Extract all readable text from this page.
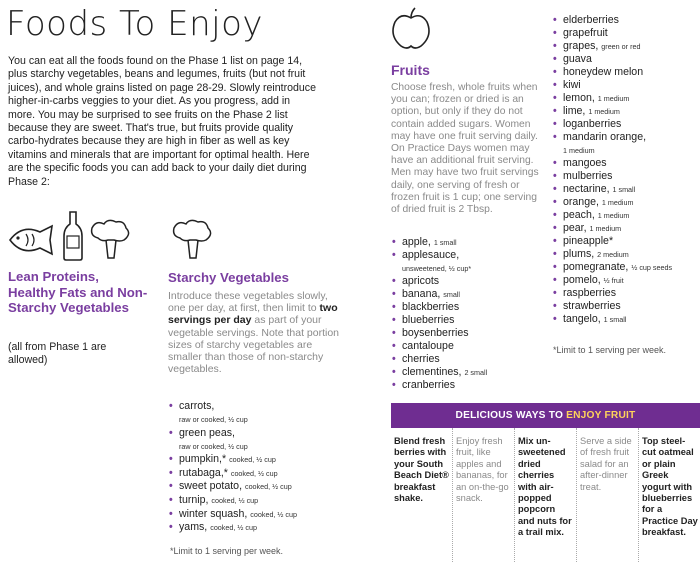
Foods To Enjoy
You can eat all the foods found on the Phase 1 list on page 14, plus starchy vegetables, beans and legumes, fruits (but not fruit juices), and whole grains listed on page 28-29. Slowly reintroduce higher-in-carbs veggies to your diet. As you progress, add in more. You may be surprised to see fruits on the Phase 2 list because they are sweet. That's true, but fruits provide quality carbo-hydrates because they are high in fiber as well as key vitamins and minerals that are important for optimal health. Here are the specific foods you can add back to your daily diet during Phase 2:
Lean Proteins, Healthy Fats and Non-Starchy Vegetables
(all from Phase 1 are allowed)
Starchy Vegetables
Introduce these vegetables slowly, one per day, at first, then limit to two servings per day as part of your vegetable servings. Note that portion sizes of starchy vegetables are smaller than those of non-starchy vegetables.
• carrots,
raw or cooked, ½ cup
• green peas,
raw or cooked, ½ cup
• pumpkin,* cooked, ½ cup
• rutabaga,* cooked, ½ cup
• sweet potato, cooked, ½ cup
• turnip, cooked, ½ cup
• winter squash, cooked, ½ cup
• yams, cooked, ½ cup
*Limit to 1 serving per week.
Fruits
Choose fresh, whole fruits when you can; frozen or dried is an option, but only if they do not contain added sugars. Women may have one fruit serving daily. On Practice Days women may have an additional fruit serving. Men may have two fruit servings daily, one serving of fresh or frozen fruit is 1 cup; one serving of dried fruit is 2 Tbsp.
• apple, 1 small
• applesauce,
unsweetened, ½ cup*
• apricots
• banana, small
• blackberries
• blueberries
• boysenberries
• cantaloupe
• cherries
• clementines, 2 small
• cranberries
• elderberries
• grapefruit
• grapes, green or red
• guava
• honeydew melon
• kiwi
• lemon, 1 medium
• lime, 1 medium
• loganberries
• mandarin orange,
1 medium
• mangoes
• mulberries
• nectarine, 1 small
• orange, 1 medium
• peach, 1 medium
• pear, 1 medium
• pineapple*
• plums, 2 medium
• pomegranate, ½ cup seeds
• pomelo, ½ fruit
• raspberries
• strawberries
• tangelo, 1 small
*Limit to 1 serving per week.
DELICIOUS WAYS TO ENJOY FRUIT
Blend fresh berries with your South Beach Diet® breakfast shake.
Enjoy fresh fruit, like apples and bananas, for an on-the-go snack.
Mix un-sweetened dried cherries with air-popped popcorn and nuts for a trail mix.
Serve a side of fresh fruit salad for an after-dinner treat.
Top steel-cut oatmeal or plain Greek yogurt with blueberries for a Practice Day breakfast.
